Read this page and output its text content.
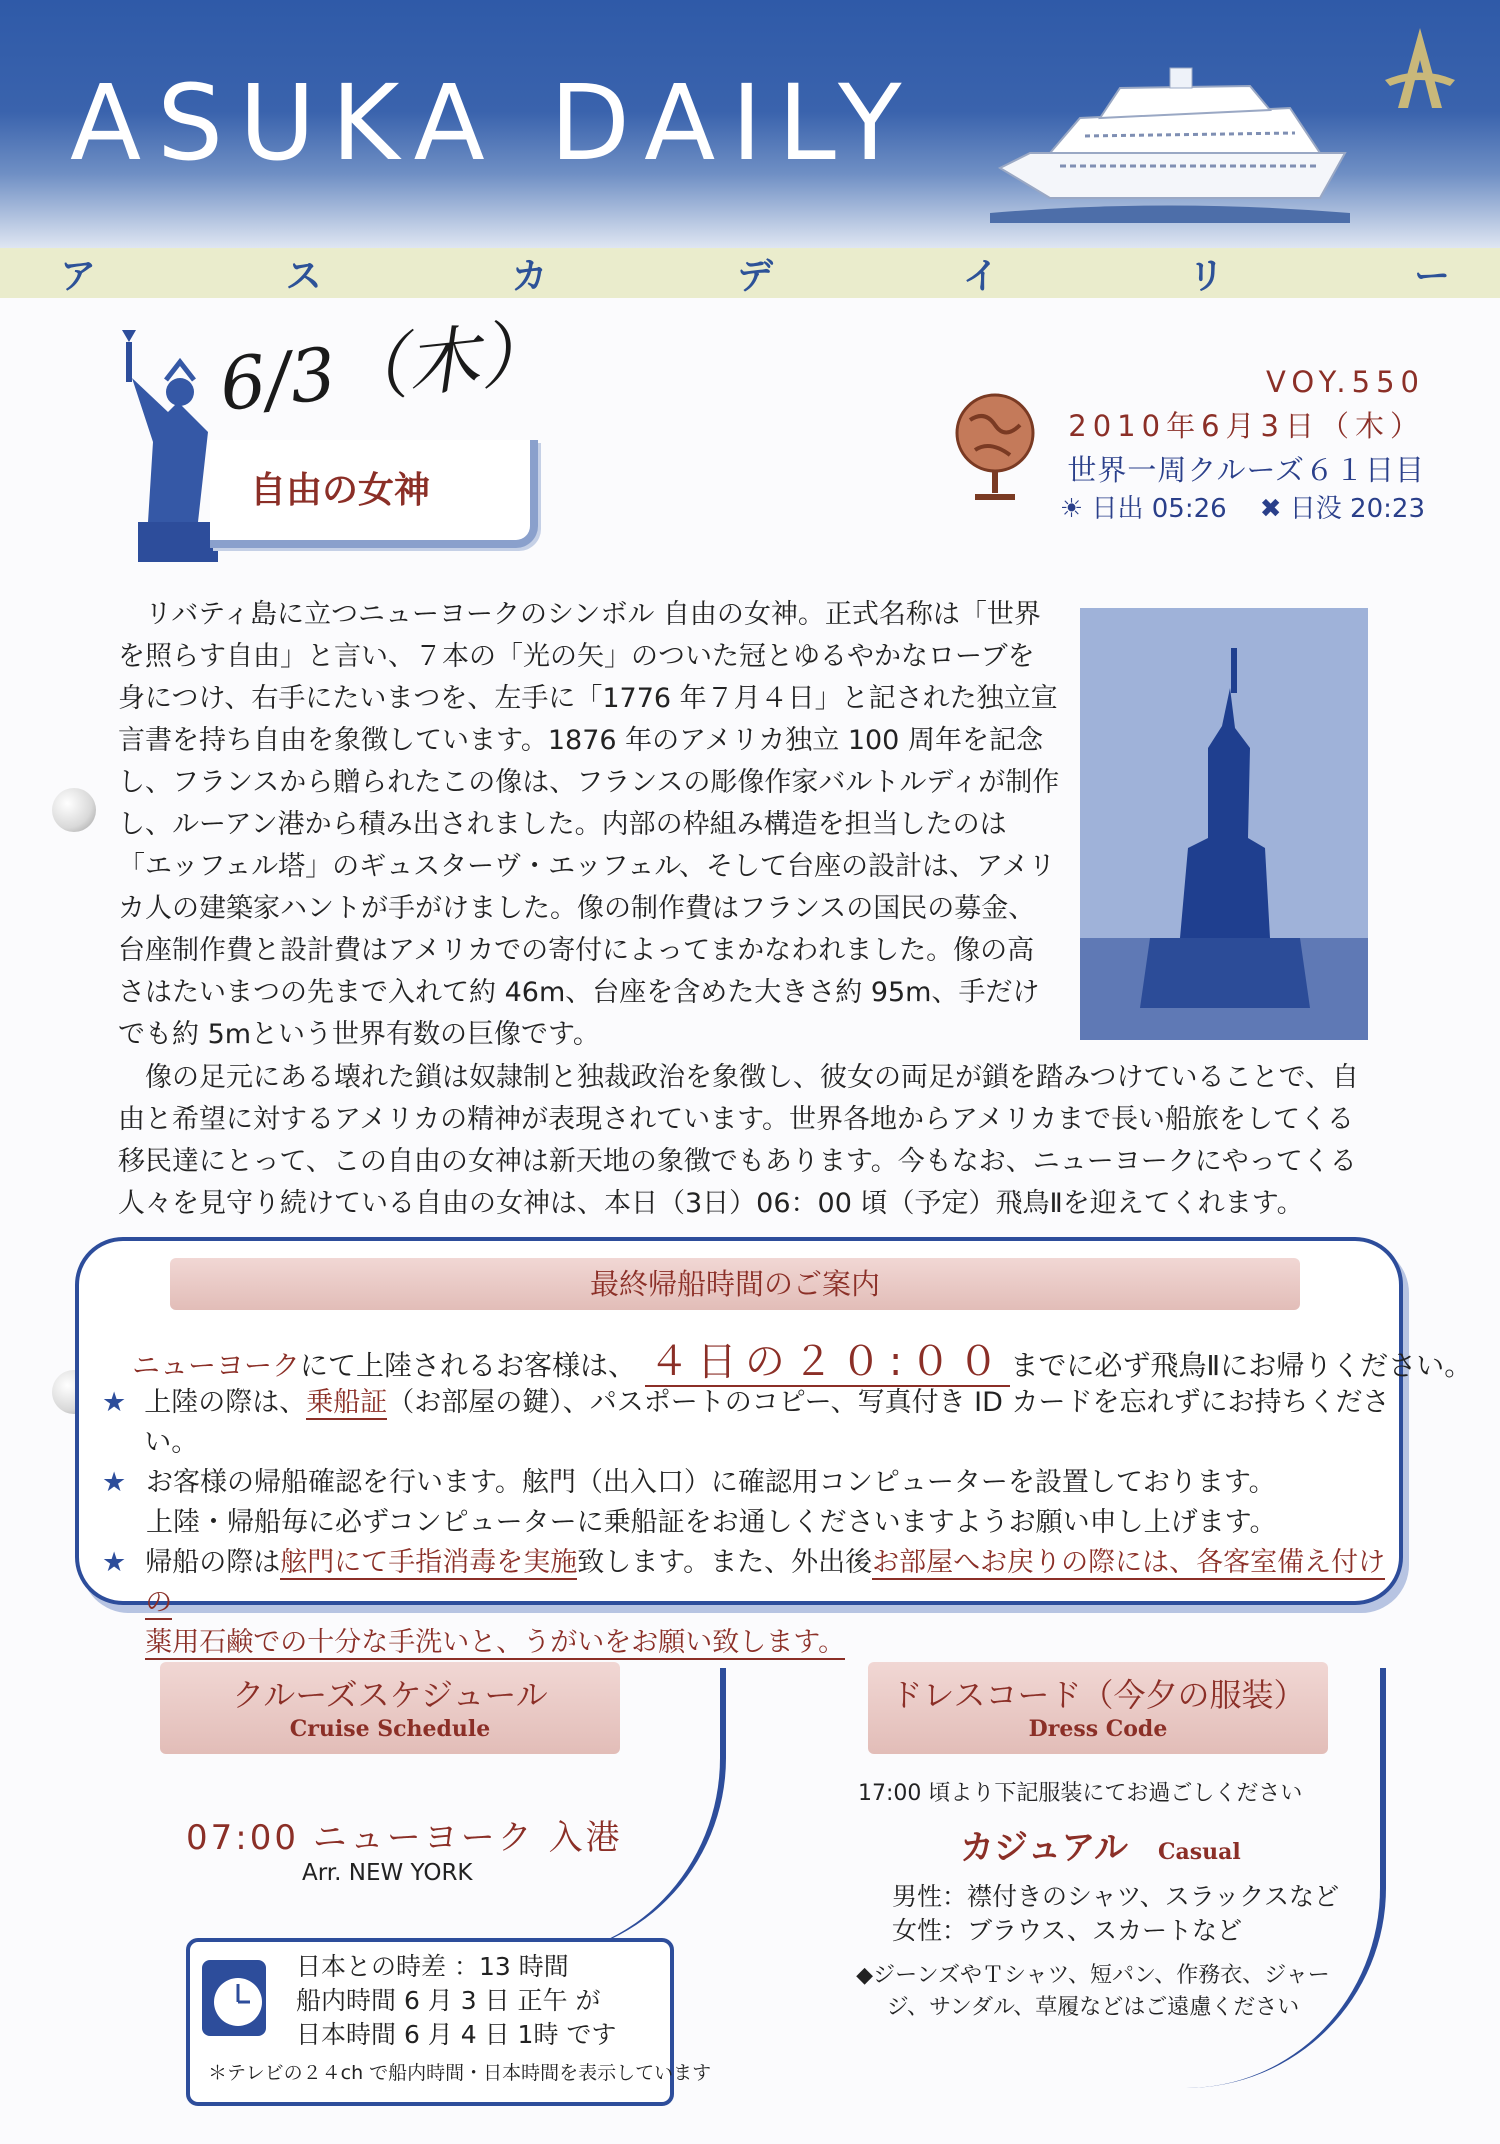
ASUKA DAILY
ア	ス	カ	デ	イ	リ	ー
6/3（木）
自由の女神
VOY.550
2010年6月3日（木）
世界一周クルーズ６１日目
☀ 日出 05:26 ✖ 日没 20:23
リバティ島に立つニューヨークのシンボル 自由の女神。正式名称は「世界を照らす自由」と言い、７本の「光の矢」のついた冠とゆるやかなローブを身につけ、右手にたいまつを、左手に「1776 年７月４日」と記された独立宣言書を持ち自由を象徴しています。1876 年のアメリカ独立 100 周年を記念し、フランスから贈られたこの像は、フランスの彫像作家バルトルディが制作し、ルーアン港から積み出されました。内部の枠組み構造を担当したのは「エッフェル塔」のギュスターヴ・エッフェル、そして台座の設計は、アメリカ人の建築家ハントが手がけました。像の制作費はフランスの国民の募金、台座制作費と設計費はアメリカでの寄付によってまかなわれました。像の高さはたいまつの先まで入れて約 46m、台座を含めた大きさ約 95m、手だけでも約 5mという世界有数の巨像です。
像の足元にある壊れた鎖は奴隷制と独裁政治を象徴し、彼女の両足が鎖を踏みつけていることで、自由と希望に対するアメリカの精神が表現されています。世界各地からアメリカまで長い船旅をしてくる移民達にとって、この自由の女神は新天地の象徴でもあります。今もなお、ニューヨークにやってくる人々を見守り続けている自由の女神は、本日（3日）06：00 頃（予定）飛鳥Ⅱを迎えてくれます。
最終帰船時間のご案内
ニューヨークにて上陸されるお客様は、 ４日の２０:００ までに必ず飛鳥Ⅱにお帰りください。
★ 上陸の際は、乗船証（お部屋の鍵）、パスポートのコピー、写真付き ID カードを忘れずにお持ちください。
★ お客様の帰船確認を行います。舷門（出入口）に確認用コンピューターを設置しております。
上陸・帰船毎に必ずコンピューターに乗船証をお通しくださいますようお願い申し上げます。
★ 帰船の際は舷門にて手指消毒を実施致します。また、外出後お部屋へお戻りの際には、各客室備え付けの
薬用石鹸での十分な手洗いと、うがいをお願い致します。
クルーズスケジュール
Cruise Schedule
07:00 ニューヨーク 入港
Arr. NEW YORK
日本との時差 ：13 時間
船内時間 6 月 3 日 正午 が
日本時間 6 月 4 日 1時 です
＊テレビの２４ch で船内時間・日本時間を表示しています
ドレスコード（今夕の服装）
Dress Code
17:00 頃より下記服装にてお過ごしください
カジュアル Casual
男性：襟付きのシャツ、スラックスなど
女性：ブラウス、スカートなど
◆ジーンズやＴシャツ、短パン、作務衣、ジャージ、サンダル、草履などはご遠慮ください
